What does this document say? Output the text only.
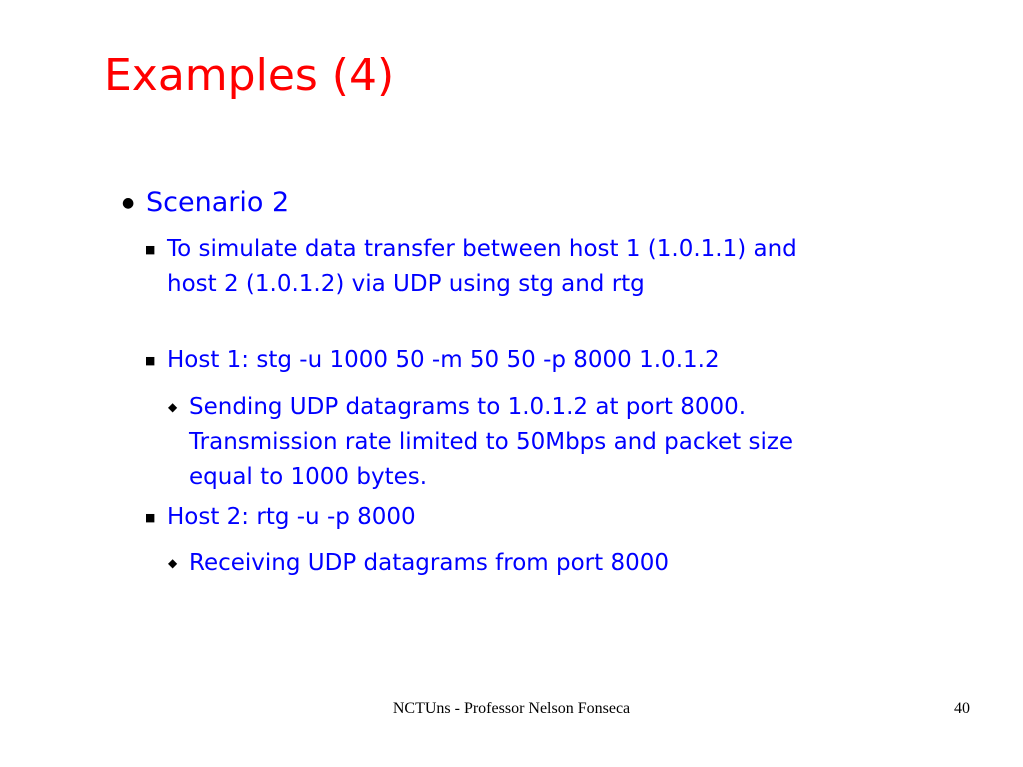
Examples (4)
● Scenario 2
■ To simulate data transfer between host 1 (1.0.1.1) and host 2 (1.0.1.2) via UDP using stg and rtg
■ Host 1: stg -u 1000 50 -m 50 50 -p 8000 1.0.1.2
◆ Sending UDP datagrams to 1.0.1.2 at port 8000. Transmission rate limited to 50Mbps and packet size equal to 1000 bytes.
■ Host 2: rtg -u -p 8000
◆ Receiving UDP datagrams from port 8000
NCTUns - Professor Nelson Fonseca	40
